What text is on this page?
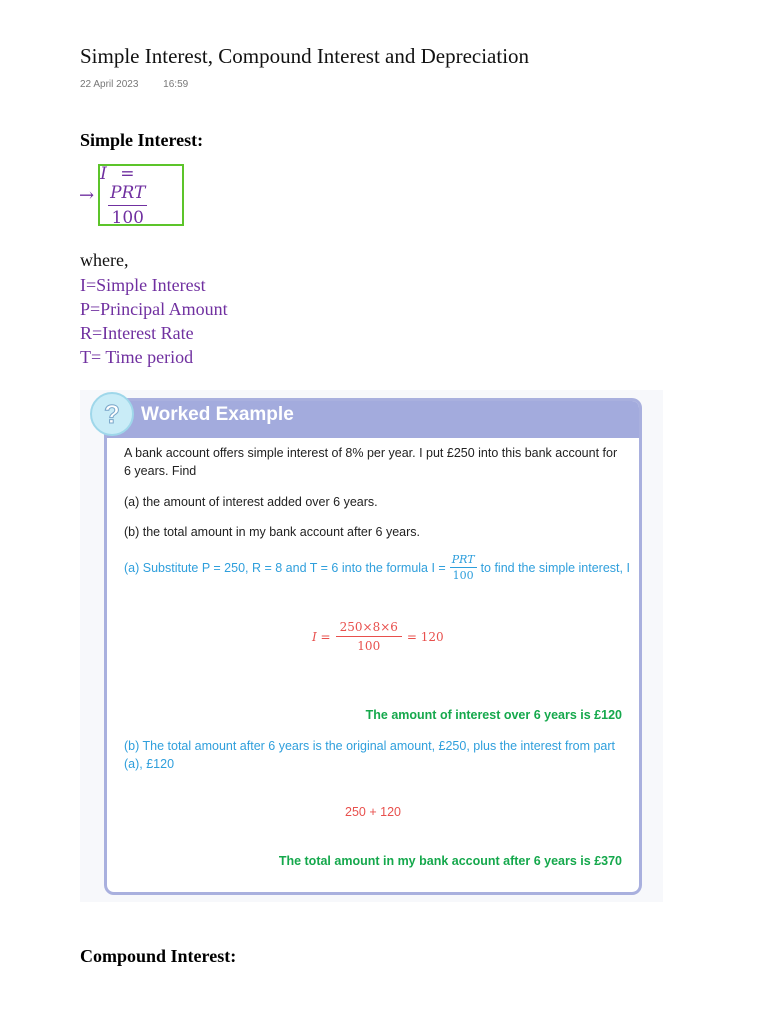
Simple Interest, Compound Interest and Depreciation
22 April 2023 16:59
Simple Interest:
→
I =
$\frac{\text{PRT}}{100}$
where,
I=Simple Interest
P=Principal Amount
R=Interest Rate
T= Time period
? Worked Example
A bank account offers simple interest of 8% per year. I put £250 into this bank account for
6 years. Find
(a) the amount of interest added over 6 years.
(b) the total amount in my bank account after 6 years.
(a) Substitute P = 250, R = 8 and T = 6 into the formula $I = \frac{\text{PRT}}{100}$ to find the simple interest, I
$I = \frac{250\times 8\times 6}{100} = 120$
The amount of interest over 6 years is £120
(b) The total amount after 6 years is the original amount, £250, plus the interest from part
(a), £120
250 + 120
The total amount in my bank account after 6 years is £370
Compound Interest:
